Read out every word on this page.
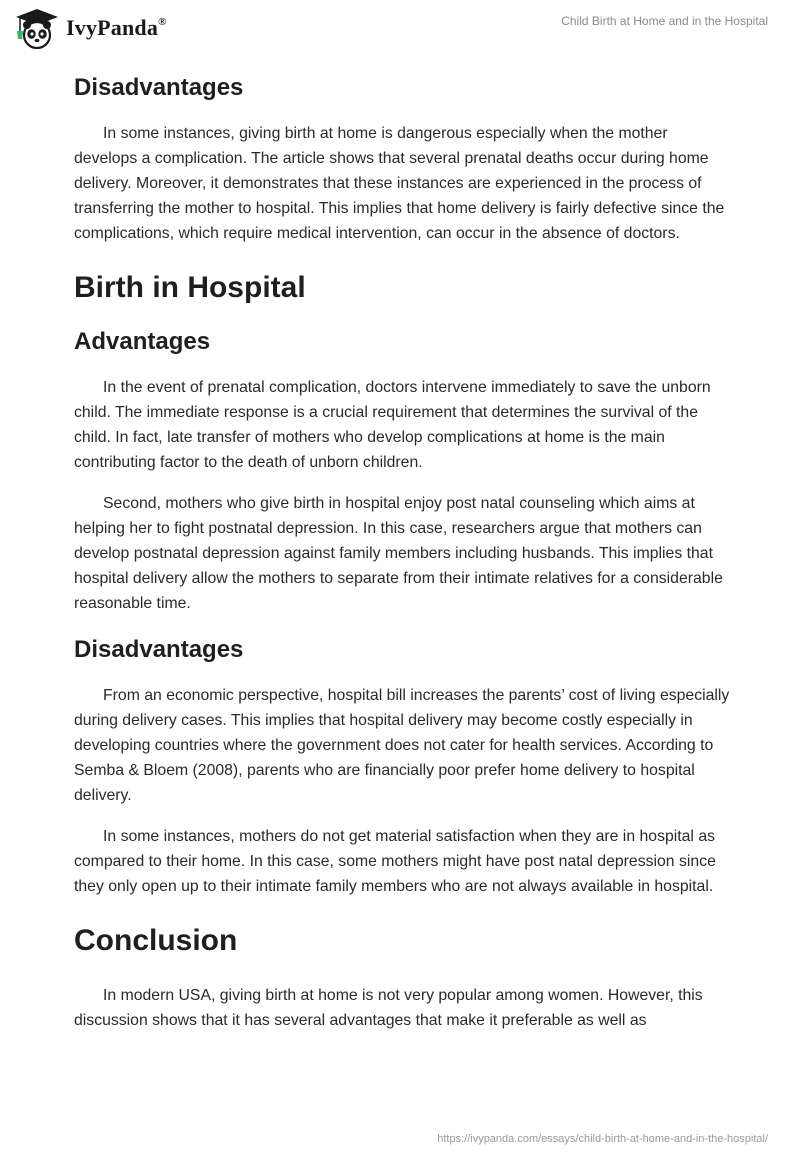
IvyPanda®	Child Birth at Home and in the Hospital
Disadvantages

In some instances, giving birth at home is dangerous especially when the mother develops a complication. The article shows that several prenatal deaths occur during home delivery. Moreover, it demonstrates that these instances are experienced in the process of transferring the mother to hospital. This implies that home delivery is fairly defective since the complications, which require medical intervention, can occur in the absence of doctors.

Birth in Hospital
Advantages

In the event of prenatal complication, doctors intervene immediately to save the unborn child. The immediate response is a crucial requirement that determines the survival of the child. In fact, late transfer of mothers who develop complications at home is the main contributing factor to the death of unborn children.

Second, mothers who give birth in hospital enjoy post natal counseling which aims at helping her to fight postnatal depression. In this case, researchers argue that mothers can develop postnatal depression against family members including husbands. This implies that hospital delivery allow the mothers to separate from their intimate relatives for a considerable reasonable time.

Disadvantages

From an economic perspective, hospital bill increases the parents’ cost of living especially during delivery cases. This implies that hospital delivery may become costly especially in developing countries where the government does not cater for health services. According to Semba & Bloem (2008), parents who are financially poor prefer home delivery to hospital delivery.

In some instances, mothers do not get material satisfaction when they are in hospital as compared to their home. In this case, some mothers might have post natal depression since they only open up to their intimate family members who are not always available in hospital.

Conclusion

In modern USA, giving birth at home is not very popular among women. However, this discussion shows that it has several advantages that make it preferable as well as

https://ivypanda.com/essays/child-birth-at-home-and-in-the-hospital/
